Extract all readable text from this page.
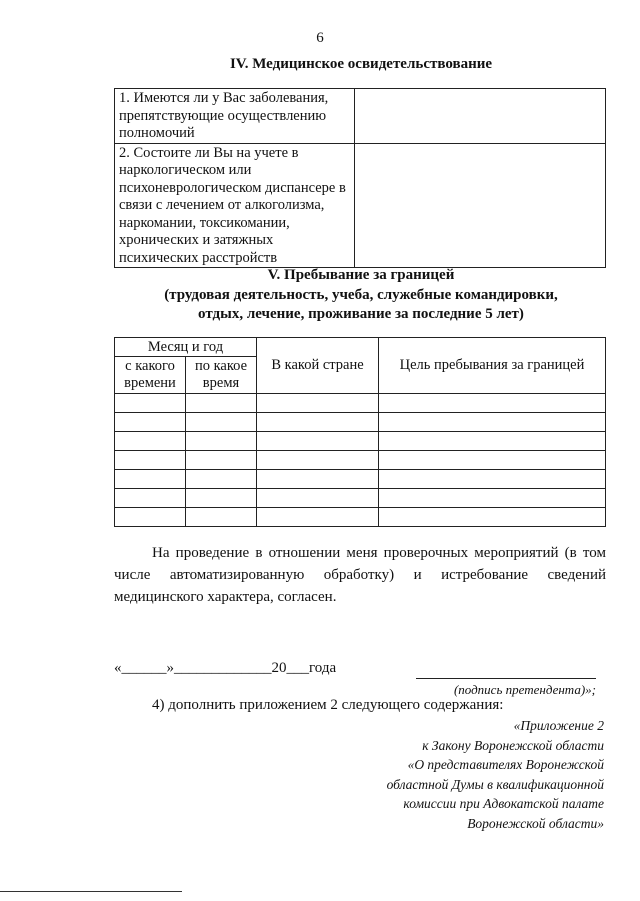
6
IV. Медицинское освидетельствование
1. Имеются ли у Вас заболевания, препятствующие осуществлению полномочий	
2. Состоите ли Вы на учете в наркологическом или психоневрологическом диспансере в связи с лечением от алкоголизма, наркомании, токсикомании, хронических и затяжных психических расстройств	
V. Пребывание за границей
(трудовая деятельность, учеба, служебные командировки,
отдых, лечение, проживание за последние 5 лет)
Месяц и год		В какой стране	Цель пребывания за границей
с какого времени	по какое время		

На проведение в отношении меня проверочных мероприятий (в том числе автоматизированную обработку) и истребование сведений медицинского характера, согласен.
«______»_____________20___года
(подпись претендента)»;
4) дополнить приложением 2 следующего содержания:
«Приложение 2
к Закону Воронежской области
«О представителях Воронежской
областной Думы в квалификационной
комиссии при Адвокатской палате
Воронежской области»
